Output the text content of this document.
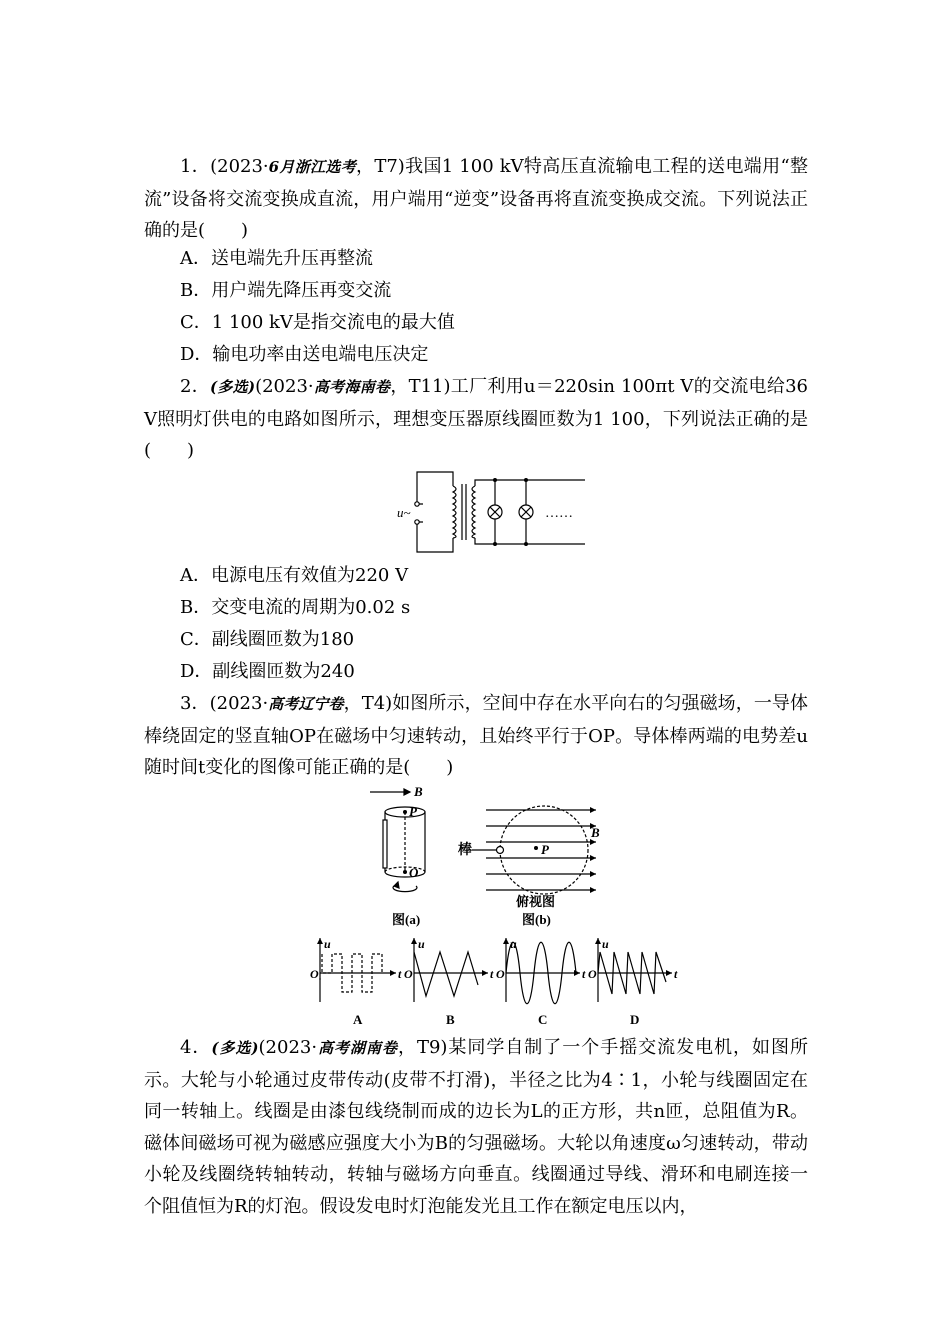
1．(2023·6月浙江选考，T7)我国1 100 kV特高压直流输电工程的送电端用“整流”设备将交流变换成直流，用户端用“逆变”设备再将直流变换成交流。下列说法正确的是(　　)

A．送电端先升压再整流

B．用户端先降压再变交流

C．1 100 kV是指交流电的最大值

D．输电功率由送电端电压决定

2．(多选)(2023·高考海南卷，T11)工厂利用u＝220sin 100πt V的交流电给36 V照明灯供电的电路如图所示，理想变压器原线圈匝数为1 100，下列说法正确的是(　　)

u~	……

A．电源电压有效值为220 V

B．交变电流的周期为0.02 s

C．副线圈匝数为180

D．副线圈匝数为240

3．(2023·高考辽宁卷，T4)如图所示，空间中存在水平向右的匀强磁场，一导体棒绕固定的竖直轴OP在磁场中匀速转动，且始终平行于OP。导体棒两端的电势差u随时间t变化的图像可能正确的是(　　)

B
P
O
图(a)
B
P
棒
俯视图
图(b)
u
O	t
A
u
O	t
B
u
O	t
C
u
O	t
D

4．(多选)(2023·高考湖南卷，T9)某同学自制了一个手摇交流发电机，如图所示。大轮与小轮通过皮带传动(皮带不打滑)，半径之比为4∶1，小轮与线圈固定在同一转轴上。线圈是由漆包线绕制而成的边长为L的正方形，共n匝，总阻值为R。磁体间磁场可视为磁感应强度大小为B的匀强磁场。大轮以角速度ω匀速转动，带动小轮及线圈绕转轴转动，转轴与磁场方向垂直。线圈通过导线、滑环和电刷连接一个阻值恒为R的灯泡。假设发电时灯泡能发光且工作在额定电压以内，
